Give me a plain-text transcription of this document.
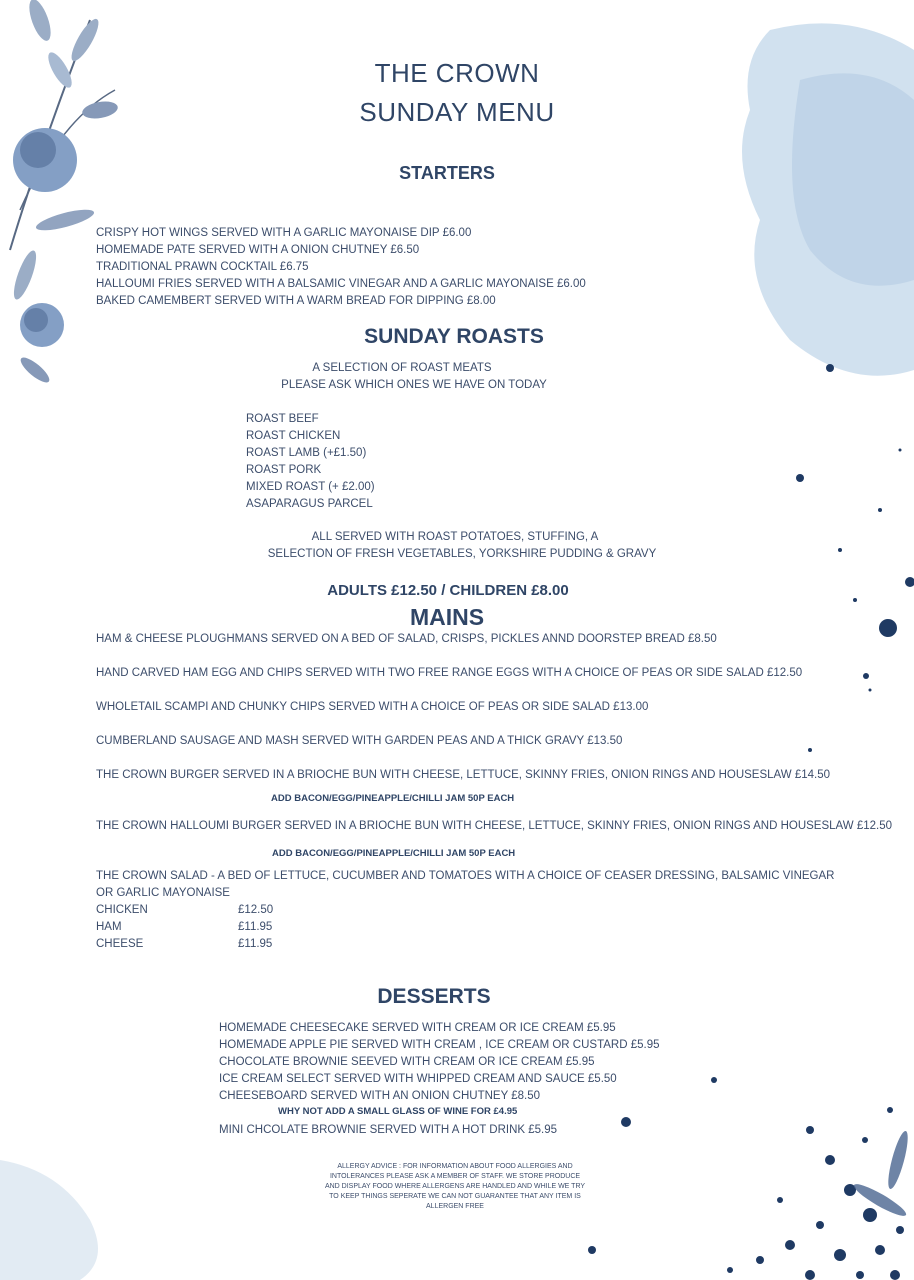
THE CROWN
SUNDAY MENU
STARTERS
CRISPY HOT WINGS SERVED WITH A GARLIC MAYONAISE DIP £6.00
HOMEMADE PATE SERVED WITH A ONION CHUTNEY £6.50
TRADITIONAL PRAWN COCKTAIL £6.75
HALLOUMI FRIES SERVED WITH A BALSAMIC VINEGAR AND A GARLIC MAYONAISE £6.00
BAKED CAMEMBERT SERVED WITH A WARM BREAD FOR DIPPING £8.00
SUNDAY ROASTS
A SELECTION OF ROAST MEATS
PLEASE ASK WHICH ONES WE HAVE ON TODAY
ROAST BEEF
ROAST CHICKEN
ROAST LAMB (+£1.50)
ROAST PORK
MIXED ROAST (+ £2.00)
ASAPARAGUS PARCEL
ALL SERVED WITH ROAST POTATOES, STUFFING, A
SELECTION OF FRESH VEGETABLES, YORKSHIRE PUDDING & GRAVY
ADULTS £12.50 / CHILDREN £8.00
MAINS
HAM & CHEESE PLOUGHMANS SERVED ON A BED OF SALAD, CRISPS, PICKLES ANND DOORSTEP BREAD £8.50
HAND CARVED HAM EGG AND CHIPS SERVED WITH TWO FREE RANGE EGGS WITH A CHOICE OF PEAS OR SIDE SALAD £12.50
WHOLETAIL SCAMPI AND CHUNKY CHIPS SERVED WITH A CHOICE OF PEAS OR SIDE SALAD £13.00
CUMBERLAND SAUSAGE AND MASH SERVED WITH GARDEN PEAS AND A THICK GRAVY £13.50
THE CROWN BURGER SERVED IN A BRIOCHE BUN WITH CHEESE, LETTUCE, SKINNY FRIES, ONION RINGS AND HOUSESLAW £14.50
ADD BACON/EGG/PINEAPPLE/CHILLI JAM 50P EACH
THE CROWN HALLOUMI BURGER SERVED IN A BRIOCHE BUN WITH CHEESE, LETTUCE, SKINNY FRIES, ONION RINGS AND HOUSESLAW £12.50
ADD BACON/EGG/PINEAPPLE/CHILLI JAM 50P EACH
THE CROWN SALAD - A BED OF LETTUCE, CUCUMBER AND TOMATOES WITH A CHOICE OF CEASER DRESSING, BALSAMIC VINEGAR
OR GARLIC MAYONAISE
CHICKEN	£12.50
HAM	£11.95
CHEESE	£11.95
DESSERTS
HOMEMADE CHEESECAKE SERVED WITH CREAM OR ICE CREAM £5.95
HOMEMADE APPLE PIE SERVED WITH CREAM , ICE CREAM OR CUSTARD £5.95
CHOCOLATE BROWNIE SEEVED WITH CREAM OR ICE CREAM £5.95
ICE CREAM SELECT SERVED WITH WHIPPED CREAM AND SAUCE £5.50
CHEESEBOARD SERVED WITH AN ONION CHUTNEY £8.50
WHY NOT ADD A SMALL GLASS OF WINE FOR £4.95
MINI CHCOLATE BROWNIE SERVED WITH A HOT DRINK £5.95
ALLERGY ADVICE : FOR INFORMATION ABOUT FOOD ALLERGIES AND
INTOLERANCES PLEASE ASK A MEMBER OF STAFF. WE STORE PRODUCE
AND DISPLAY FOOD WHERE ALLERGENS ARE HANDLED AND WHILE WE TRY
TO KEEP THINGS SEPERATE WE CAN NOT GUARANTEE THAT ANY ITEM IS
ALLERGEN FREE
